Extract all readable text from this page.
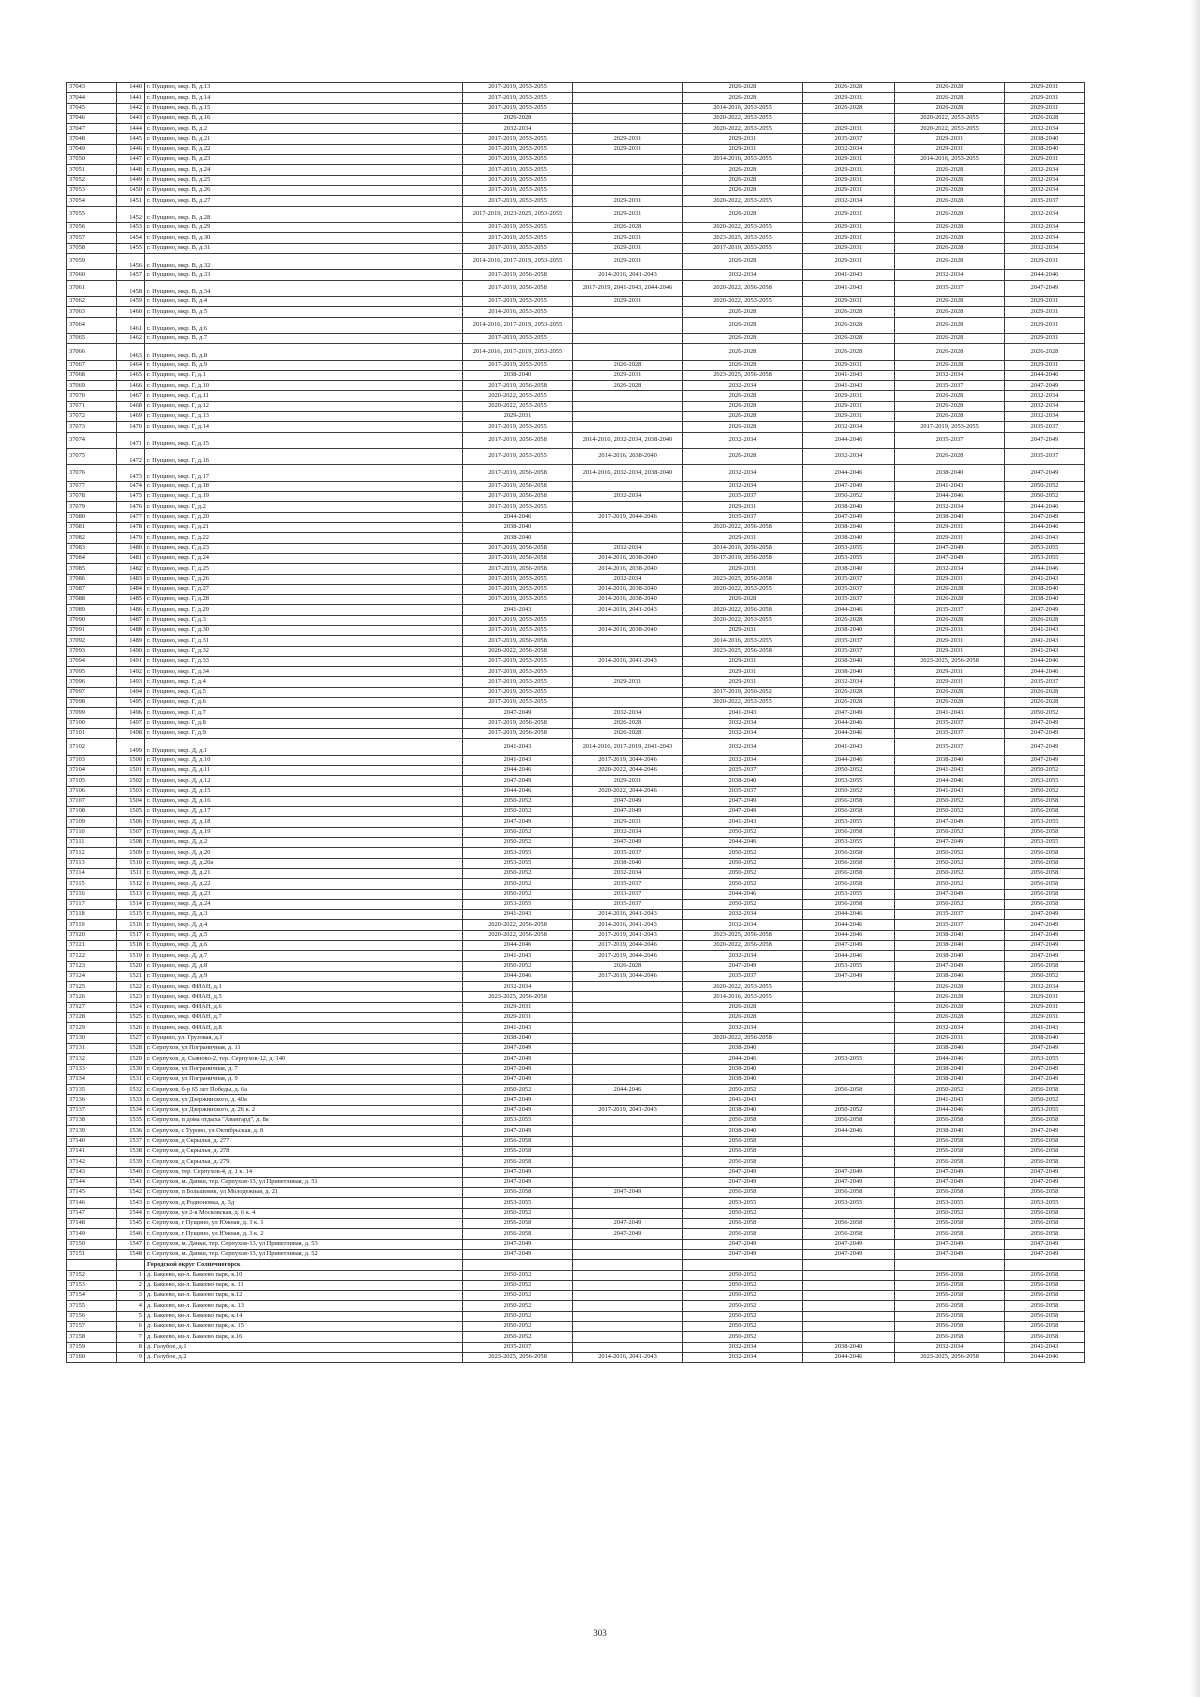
37043	1440	г. Пущино, мкр. В, д.13	2017-2019, 2053-2055		2026-2028	2026-2028	2026-2028	2029-2031
37044	1441	г. Пущино, мкр. В, д.14	2017-2019, 2053-2055		2026-2028	2029-2031	2026-2028	2029-2031
37045	1442	г. Пущино, мкр. В, д.15	2017-2019, 2053-2055		2014-2016, 2053-2055	2026-2028	2026-2028	2029-2031
37046	1443	г. Пущино, мкр. В, д.16	2026-2028		2020-2022, 2053-2055		2020-2022, 2053-2055	2026-2028
37047	1444	г. Пущино, мкр. В, д.2	2032-2034		2020-2022, 2053-2055	2029-2031	2020-2022, 2053-2055	2032-2034
37048	1445	г. Пущино, мкр. В, д.21	2017-2019, 2053-2055	2029-2031	2029-2031	2035-2037	2029-2031	2038-2040
37049	1446	г. Пущино, мкр. В, д.22	2017-2019, 2053-2055	2029-2031	2029-2031	2032-2034	2029-2031	2038-2040
37050	1447	г. Пущино, мкр. В, д.23	2017-2019, 2053-2055		2014-2016, 2053-2055	2029-2031	2014-2016, 2053-2055	2029-2031
37051	1448	г. Пущино, мкр. В, д.24	2017-2019, 2053-2055		2026-2028	2029-2031	2026-2028	2032-2034
37052	1449	г. Пущино, мкр. В, д.25	2017-2019, 2053-2055		2026-2028	2029-2031	2026-2028	2032-2034
37053	1450	г. Пущино, мкр. В, д.26	2017-2019, 2053-2055		2026-2028	2029-2031	2026-2028	2032-2034
37054	1451	г. Пущино, мкр. В, д.27	2017-2019, 2053-2055	2029-2031	2020-2022, 2053-2055	2032-2034	2026-2028	2035-2037
37055	1452	г. Пущино, мкр. В, д.28	2017-2019, 2023-2025, 2053-2055	2029-2031	2026-2028	2029-2031	2026-2028	2032-2034
37056	1453	г. Пущино, мкр. В, д.29	2017-2019, 2053-2055	2026-2028	2020-2022, 2053-2055	2029-2031	2026-2028	2032-2034
37057	1454	г. Пущино, мкр. В, д.30	2017-2019, 2053-2055	2029-2031	2023-2025, 2053-2055	2029-2031	2026-2028	2032-2034
37058	1455	г. Пущино, мкр. В, д.31	2017-2019, 2053-2055	2029-2031	2017-2019, 2053-2055	2029-2031	2026-2028	2032-2034
37059	1456	г. Пущино, мкр. В, д.32	2014-2016, 2017-2019, 2053-2055	2029-2031	2026-2028	2029-2031	2026-2028	2029-2031
37060	1457	г. Пущино, мкр. В, д.33	2017-2019, 2056-2058	2014-2016, 2041-2043	2032-2034	2041-2043	2032-2034	2044-2046
37061	1458	г. Пущино, мкр. В, д.34	2017-2019, 2056-2058	2017-2019, 2041-2043, 2044-2046	2020-2022, 2056-2058	2041-2043	2035-2037	2047-2049
37062	1459	г. Пущино, мкр. В, д.4	2017-2019, 2053-2055	2029-2031	2020-2022, 2053-2055	2029-2031	2026-2028	2029-2031
37063	1460	г. Пущино, мкр. В, д.5	2014-2016, 2053-2055		2026-2028	2026-2028	2026-2028	2029-2031
37064	1461	г. Пущино, мкр. В, д.6	2014-2016, 2017-2019, 2053-2055		2026-2028	2026-2028	2026-2028	2029-2031
37065	1462	г. Пущино, мкр. В, д.7	2017-2019, 2053-2055		2026-2028	2026-2028	2026-2028	2029-2031
37066	1463	г. Пущино, мкр. В, д.8	2014-2016, 2017-2019, 2053-2055		2026-2028	2026-2028	2026-2028	2026-2028
37067	1464	г. Пущино, мкр. В, д.9	2017-2019, 2053-2055	2026-2028	2026-2028	2029-2031	2026-2028	2029-2031
37068	1465	г. Пущино, мкр. Г, д.1	2038-2040	2029-2031	2023-2025, 2056-2058	2041-2043	2032-2034	2044-2046
37069	1466	г. Пущино, мкр. Г, д.10	2017-2019, 2056-2058	2026-2028	2032-2034	2041-2043	2035-2037	2047-2049
37070	1467	г. Пущино, мкр. Г, д.11	2020-2022, 2053-2055		2026-2028	2029-2031	2026-2028	2032-2034
37071	1468	г. Пущино, мкр. Г, д.12	2020-2022, 2053-2055		2026-2028	2029-2031	2026-2028	2032-2034
37072	1469	г. Пущино, мкр. Г, д.13	2029-2031		2026-2028	2029-2031	2026-2028	2032-2034
37073	1470	г. Пущино, мкр. Г, д.14	2017-2019, 2053-2055		2026-2028	2032-2034	2017-2019, 2053-2055	2035-2037
37074	1471	г. Пущино, мкр. Г, д.15	2017-2019, 2056-2058	2014-2016, 2032-2034, 2038-2040	2032-2034	2044-2046	2035-2037	2047-2049
37075	1472	г. Пущино, мкр. Г, д.16	2017-2019, 2053-2055	2014-2016, 2038-2040	2026-2028	2032-2034	2026-2028	2035-2037
37076	1473	г. Пущино, мкр. Г, д.17	2017-2019, 2056-2058	2014-2016, 2032-2034, 2038-2040	2032-2034	2044-2046	2038-2040	2047-2049
37077	1474	г. Пущино, мкр. Г, д.18	2017-2019, 2056-2058		2032-2034	2047-2049	2041-2043	2050-2052
37078	1475	г. Пущино, мкр. Г, д.19	2017-2019, 2056-2058	2032-2034	2035-2037	2050-2052	2044-2046	2050-2052
37079	1476	г. Пущино, мкр. Г, д.2	2017-2019, 2053-2055		2029-2031	2038-2040	2032-2034	2044-2046
37080	1477	г. Пущино, мкр. Г, д.20	2044-2046	2017-2019, 2044-2046	2035-2037	2047-2049	2038-2040	2047-2049
37081	1478	г. Пущино, мкр. Г, д.21	2038-2040		2020-2022, 2056-2058	2038-2040	2029-2031	2044-2046
37082	1479	г. Пущино, мкр. Г, д.22	2038-2040		2029-2031	2038-2040	2029-2031	2041-2043
37083	1480	г. Пущино, мкр. Г, д.23	2017-2019, 2056-2058	2032-2034	2014-2016, 2056-2058	2053-2055	2047-2049	2053-2055
37084	1481	г. Пущино, мкр. Г, д.24	2017-2019, 2056-2058	2014-2016, 2038-2040	2017-2019, 2056-2058	2053-2055	2047-2049	2053-2055
37085	1482	г. Пущино, мкр. Г, д.25	2017-2019, 2056-2058	2014-2016, 2038-2040	2029-2031	2038-2040	2032-2034	2044-2046
37086	1483	г. Пущино, мкр. Г, д.26	2017-2019, 2053-2055	2032-2034	2023-2025, 2056-2058	2035-2037	2029-2031	2041-2043
37087	1484	г. Пущино, мкр. Г, д.27	2017-2019, 2053-2055	2014-2016, 2038-2040	2020-2022, 2053-2055	2035-2037	2026-2028	2038-2040
37088	1485	г. Пущино, мкр. Г, д.28	2017-2019, 2053-2055	2014-2016, 2038-2040	2026-2028	2035-2037	2026-2028	2038-2040
37089	1486	г. Пущино, мкр. Г, д.29	2041-2043	2014-2016, 2041-2043	2020-2022, 2056-2058	2044-2046	2035-2037	2047-2049
37090	1487	г. Пущино, мкр. Г, д.3	2017-2019, 2053-2055		2020-2022, 2053-2055	2026-2028	2026-2028	2026-2028
37091	1488	г. Пущино, мкр. Г, д.30	2017-2019, 2053-2055	2014-2016, 2038-2040	2029-2031	2038-2040	2029-2031	2041-2043
37092	1489	г. Пущино, мкр. Г, д.31	2017-2019, 2056-2058		2014-2016, 2053-2055	2035-2037	2029-2031	2041-2043
37093	1490	г. Пущино, мкр. Г, д.32	2020-2022, 2056-2058		2023-2025, 2056-2058	2035-2037	2029-2031	2041-2043
37094	1491	г. Пущино, мкр. Г, д.33	2017-2019, 2053-2055	2014-2016, 2041-2043	2029-2031	2038-2040	2023-2025, 2056-2058	2044-2046
37095	1492	г. Пущино, мкр. Г, д.34	2017-2019, 2053-2055		2029-2031	2038-2040	2029-2031	2044-2046
37096	1493	г. Пущино, мкр. Г, д.4	2017-2019, 2053-2055	2029-2031	2029-2031	2032-2034	2029-2031	2035-2037
37097	1494	г. Пущино, мкр. Г, д.5	2017-2019, 2053-2055		2017-2019, 2050-2052	2026-2028	2026-2028	2026-2028
37098	1495	г. Пущино, мкр. Г, д.6	2017-2019, 2053-2055		2020-2022, 2053-2055	2026-2028	2026-2028	2026-2028
37099	1496	г. Пущино, мкр. Г, д.7	2047-2049	2032-2034	2041-2043	2047-2049	2041-2043	2050-2052
37100	1497	г. Пущино, мкр. Г, д.8	2017-2019, 2056-2058	2026-2028	2032-2034	2044-2046	2035-2037	2047-2049
37101	1498	г. Пущино, мкр. Г, д.9	2017-2019, 2056-2058	2026-2028	2032-2034	2044-2046	2035-2037	2047-2049
37102	1499	г. Пущино, мкр. Д, д.1	2041-2043	2014-2016, 2017-2019, 2041-2043	2032-2034	2041-2043	2035-2037	2047-2049
37103	1500	г. Пущино, мкр. Д, д.10	2041-2043	2017-2019, 2044-2046	2032-2034	2044-2046	2038-2040	2047-2049
37104	1501	г. Пущино, мкр. Д, д.11	2044-2046	2020-2022, 2044-2046	2035-2037	2050-2052	2041-2043	2050-2052
37105	1502	г. Пущино, мкр. Д, д.12	2047-2049	2029-2031	2038-2040	2053-2055	2044-2046	2053-2055
37106	1503	г. Пущино, мкр. Д, д.15	2044-2046	2020-2022, 2044-2046	2035-2037	2050-2052	2041-2043	2050-2052
37107	1504	г. Пущино, мкр. Д, д.16	2050-2052	2047-2049	2047-2049	2056-2058	2050-2052	2056-2058
37108	1505	г. Пущино, мкр. Д, д.17	2050-2052	2047-2049	2047-2049	2056-2058	2050-2052	2056-2058
37109	1506	г. Пущино, мкр. Д, д.18	2047-2049	2029-2031	2041-2043	2053-2055	2047-2049	2053-2055
37110	1507	г. Пущино, мкр. Д, д.19	2050-2052	2032-2034	2050-2052	2056-2058	2050-2052	2056-2058
37111	1508	г. Пущино, мкр. Д, д.2	2050-2052	2047-2049	2044-2046	2053-2055	2047-2049	2053-2055
37112	1509	г. Пущино, мкр. Д, д.20	2053-2055	2035-2037	2050-2052	2056-2058	2050-2052	2056-2058
37113	1510	г. Пущино, мкр. Д, д.20а	2053-2055	2038-2040	2050-2052	2056-2058	2050-2052	2056-2058
37114	1511	г. Пущино, мкр. Д, д.21	2050-2052	2032-2034	2050-2052	2056-2058	2050-2052	2056-2058
37115	1512	г. Пущино, мкр. Д, д.22	2050-2052	2035-2037	2050-2052	2056-2058	2050-2052	2056-2058
37116	1513	г. Пущино, мкр. Д, д.23	2050-2052	2033-2037	2044-2046	2053-2055	2047-2049	2056-2058
37117	1514	г. Пущино, мкр. Д, д.24	2053-2055	2035-2037	2050-2052	2056-2058	2050-2052	2056-2058
37118	1515	г. Пущино, мкр. Д, д.3	2041-2043	2014-2016, 2041-2043	2032-2034	2044-2046	2035-2037	2047-2049
37119	1516	г. Пущино, мкр. Д, д.4	2020-2022, 2056-2058	2014-2016, 2041-2043	2032-2034	2044-2046	2035-2037	2047-2049
37120	1517	г. Пущино, мкр. Д, д.5	2020-2022, 2056-2058	2017-2019, 2041-2043	2023-2025, 2056-2058	2044-2046	2038-2040	2047-2049
37121	1518	г. Пущино, мкр. Д, д.6	2044-2046	2017-2019, 2044-2046	2020-2022, 2056-2058	2047-2049	2038-2040	2047-2049
37122	1519	г. Пущино, мкр. Д, д.7	2041-2043	2017-2019, 2044-2046	2032-2034	2044-2046	2038-2040	2047-2049
37123	1520	г. Пущино, мкр. Д, д.8	2050-2052	2026-2028	2047-2049	2053-2055	2047-2049	2056-2058
37124	1521	г. Пущино, мкр. Д, д.9	2044-2046	2017-2019, 2044-2046	2035-2037	2047-2049	2038-2040	2050-2052
37125	1522	г. Пущино, мкр. ФИАН, д.1	2032-2034		2020-2022, 2053-2055		2026-2028	2032-2034
37126	1523	г. Пущино, мкр. ФИАН, д.5	2023-2025, 2056-2058		2014-2016, 2053-2055		2026-2028	2029-2031
37127	1524	г. Пущино, мкр. ФИАН, д.6	2029-2031		2026-2028		2026-2028	2029-2031
37128	1525	г. Пущино, мкр. ФИАН, д.7	2029-2031		2026-2028		2026-2028	2029-2031
37129	1526	г. Пущино, мкр. ФИАН, д.8	2041-2043		2032-2034		2032-2034	2041-2043
37130	1527	г. Пущино, ул. Грузовая, д.1	2038-2040		2020-2022, 2056-2058		2029-2031	2038-2040
37131	1528	г. Серпухов, ул Пограничная, д. 11	2047-2049		2038-2040		2038-2040	2047-2049
37132	1529	г. Серпухов, д. Сьяново-2, тер. Серпухов-12, д. 140	2047-2049		2044-2046	2053-2055	2044-2046	2053-2055
37133	1530	г. Серпухов, ул Пограничная, д. 7	2047-2049		2038-2040		2038-2040	2047-2049
37134	1531	г. Серпухов, ул Пограничная, д. 9	2047-2049		2038-2040		2038-2040	2047-2049
37135	1532	г. Серпухов, б-р 65 лет Победы, д. 6а	2050-2052	2044-2046	2050-2052	2056-2058	2050-2052	2056-2058
37136	1533	г. Серпухов, ул Дзержинского, д. 40а	2047-2049		2041-2043		2041-2043	2050-2052
37137	1534	г. Серпухов, ул Дзержинского, д. 26 к. 2	2047-2049	2017-2019, 2041-2043	2038-2040	2050-2052	2044-2046	2053-2055
37138	1535	г. Серпухов, п дома отдыха "Авангард", д. 8а	2053-2055		2056-2058	2056-2058	2056-2058	2056-2058
37139	1536	г. Серпухов, с Турово, ул Октябрьская, д. 8	2047-2049		2038-2040	2044-2046	2038-2040	2047-2049
37140	1537	г. Серпухов, д Скрылья, д. 277	2056-2058		2056-2058		2056-2058	2056-2058
37141	1538	г. Серпухов, д Скрылья, д. 278	2056-2058		2056-2058		2056-2058	2056-2058
37142	1539	г. Серпухов, д Скрылья, д. 279	2056-2058		2056-2058		2056-2058	2056-2058
37143	1540	г. Серпухов, тер. Серпухов-4, д. 1 к. 14	2047-2049		2047-2049	2047-2049	2047-2049	2047-2049
37144	1541	г. Серпухов, м. Данки, тер. Серпухов-13, ул Приветливая, д. 51	2047-2049		2047-2049	2047-2049	2047-2049	2047-2049
37145	1542	г. Серпухов, п Большевик, ул Молодежная, д. 21	2056-2058	2047-2049	2056-2058	2056-2058	2056-2058	2056-2058
37146	1543	г. Серпухов, д Родионовка, д. 3д	2053-2055		2053-2055	2053-2055	2053-2055	2053-2055
37147	1544	г. Серпухов, ул 2-я Московская, д. 6 к. 4	2050-2052		2050-2052		2050-2052	2056-2058
37148	1545	г. Серпухов, г Пущино, ул Южная, д. 3 к. 1	2056-2058	2047-2049	2056-2058	2056-2058	2056-2058	2056-2058
37149	1546	г. Серпухов, г Пущино, ул Южная, д. 3 к. 2	2056-2058	2047-2049	2056-2058	2056-2058	2056-2058	2056-2058
37150	1547	г. Серпухов, м. Данки, тер. Серпухов-13, ул Приветливая, д. 53	2047-2049		2047-2049	2047-2049	2047-2049	2047-2049
37151	1548	г. Серпухов, м. Данки, тер. Серпухов-13, ул Приветливая, д. 52	2047-2049		2047-2049	2047-2049	2047-2049	2047-2049
		Городской округ Солнечногорск						
37152	1	д. Бакеево, кв-л. Бакеево парк, к.10	2050-2052		2050-2052		2056-2058	2056-2058
37153	2	д. Бакеево, кв-л. Бакеево парк, к. 11	2050-2052		2050-2052		2056-2058	2056-2058
37154	3	д. Бакеево, кв-л. Бакеево парк, к.12	2050-2052		2050-2052		2056-2058	2056-2058
37155	4	д. Бакеево, кв-л. Бакеево парк, к. 13	2050-2052		2050-2052		2056-2058	2056-2058
37156	5	д. Бакеево, кв-л. Бакеево парк, к.14	2050-2052		2050-2052		2056-2058	2056-2058
37157	6	д. Бакеево, кв-л. Бакеево парк, к. 15	2050-2052		2050-2052		2056-2058	2056-2058
37158	7	д. Бакеево, кв-л. Бакеево парк, к.16	2050-2052		2050-2052		2056-2058	2056-2058
37159	8	д. Голубое, д.1	2035-2037		2032-2034	2038-2040	2032-2034	2041-2043
37160	9	д. Голубое, д.2	2023-2025, 2056-2058	2014-2016, 2041-2043	2032-2034	2044-2046	2023-2025, 2056-2058	2044-2046
303
